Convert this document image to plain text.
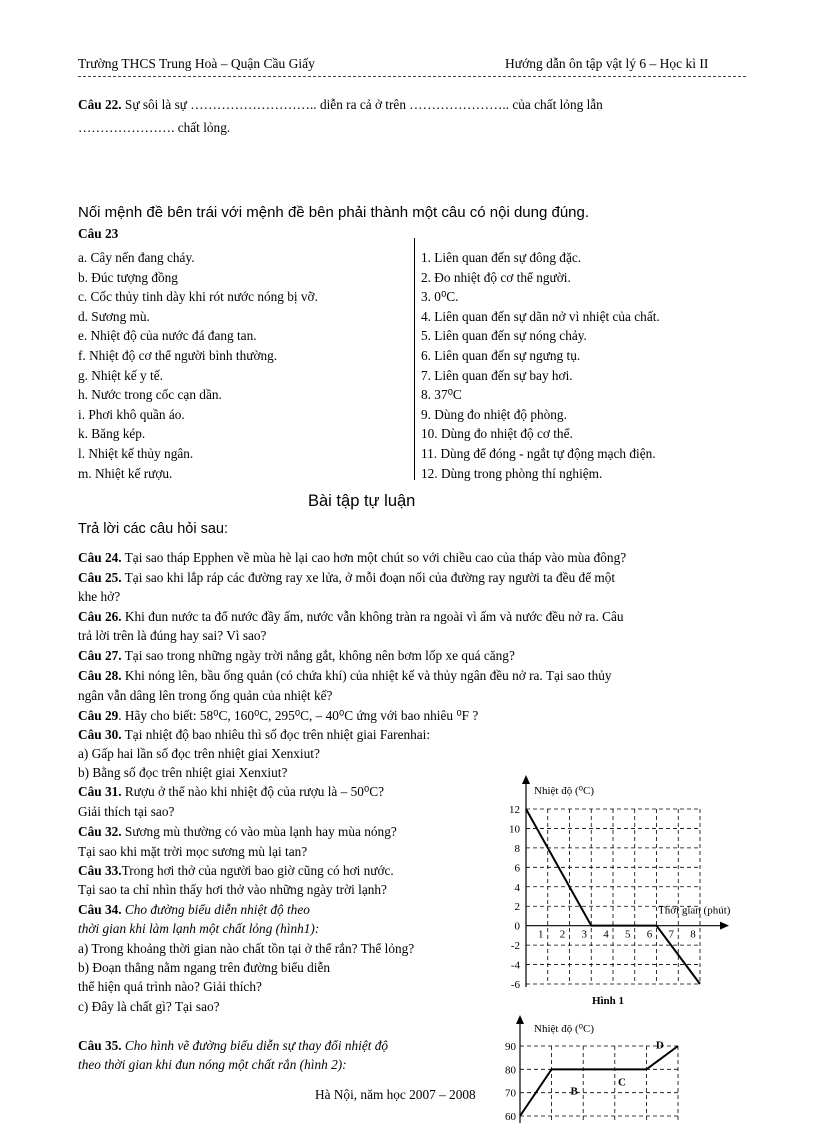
Trường THCS Trung Hoà – Quận Cầu Giấy	Hướng dẫn ôn tập vật lý 6 – Học kì II
Câu 22. Sự sôi là sự ……………………….. diễn ra cả ở trên ………………….. của chất lỏng lẫn
…………………. chất lỏng.
Nối mệnh đề bên trái với mệnh đề bên phải thành một câu có nội dung đúng.
Câu 23
a. Cây nến đang cháy.
b. Đúc tượng đồng
c. Cốc thủy tinh dày khi rót nước nóng bị vỡ.
d. Sương mù.
e. Nhiệt độ của nước đá đang tan.
f. Nhiệt độ cơ thể người bình thường.
g. Nhiệt kế y tế.
h. Nước trong cốc cạn dần.
i. Phơi khô quần áo.
k. Băng kép.
l. Nhiệt kế thủy ngân.
m. Nhiệt kế rượu.
1. Liên quan đến sự đông đặc.
2. Đo nhiệt độ cơ thể người.
3. 0⁰C.
4. Liên quan đến sự dãn nở vì nhiệt của chất.
5. Liên quan đến sự nóng chảy.
6. Liên quan đến sự ngưng tụ.
7. Liên quan đến sự bay hơi.
8. 37⁰C
9. Dùng đo nhiệt độ phòng.
10. Dùng đo nhiệt độ cơ thể.
11. Dùng để đóng - ngắt tự động mạch điện.
12. Dùng trong phòng thí nghiệm.
Bài tập tự luận
Trả lời các câu hỏi sau:
Câu 24. Tại sao tháp Epphen về mùa hè lại cao hơn một chút so với chiều cao của tháp vào mùa đông?
Câu 25. Tại sao khi lắp ráp các đường ray xe lửa, ở mỗi đoạn nối của đường ray người ta đều để một
khe hở?
Câu 26. Khi đun nước ta đổ nước đầy ấm, nước vẫn không tràn ra ngoài vì ấm và nước đều nở ra. Câu
trả lời trên là đúng hay sai? Vì sao?
Câu 27. Tại sao trong những ngày trời nắng gắt, không nên bơm lốp xe quá căng?
Câu 28. Khi nóng lên, bầu ống quản (có chứa khí) của nhiệt kế và thủy ngân đều nở ra. Tại sao thủy
ngân vẫn dâng lên trong ống quản của nhiệt kế?
Câu 29. Hãy cho biết: 58⁰C, 160⁰C, 295⁰C, – 40⁰C ứng với bao nhiêu ⁰F ?
Câu 30. Tại nhiệt độ bao nhiêu thì số đọc trên nhiệt giai Farenhai:
a) Gấp hai lần số đọc trên nhiệt giai Xenxiut?
b) Bằng số đọc trên nhiệt giai Xenxiut?
Câu 31. Rượu ở thể nào khi nhiệt độ của rượu là – 50⁰C?
Giải thích tại sao?
Câu 32. Sương mù thường có vào mùa lạnh hay mùa nóng?
Tại sao khi mặt trời mọc sương mù lại tan?
Câu 33.Trong hơi thở của người bao giờ cũng có hơi nước.
Tại sao ta chỉ nhìn thấy hơi thở vào những ngày trời lạnh?
Câu 34. Cho đường biểu diễn nhiệt độ theo
thời gian khi làm lạnh một chất lỏng (hình1):
a) Trong khoảng thời gian nào chất tồn tại ở thể rắn? Thể lỏng?
b) Đoạn thẳng nằm ngang trên đường biểu diễn
thể hiện quá trình nào? Giải thích?
c) Đây là chất gì? Tại sao?
Câu 35. Cho hình vẽ đường biểu diễn sự thay đổi nhiệt độ
theo thời gian khi đun nóng một chất rắn (hình 2):
Hà Nội, năm học 2007 – 2008
12
10
8
6
4
2
0
-2
-4
-6
1 2 3 4 5 6 7 8
Nhiệt độ (⁰C)
Thời gian (phút)
Hình 1
90
80
70
60
Nhiệt độ (⁰C)
B
C
D
